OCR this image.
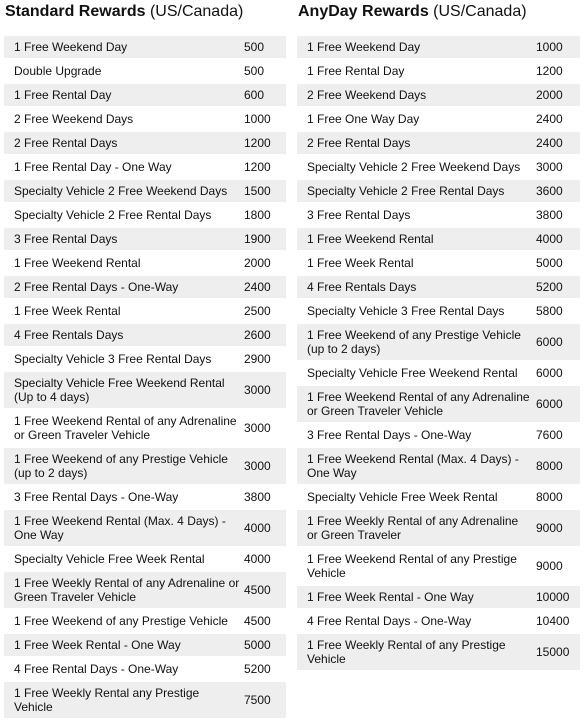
Standard Rewards (US/Canada)
1 Free Weekend Day	500
Double Upgrade	500
1 Free Rental Day	600
2 Free Weekend Days	1000
2 Free Rental Days	1200
1 Free Rental Day - One Way	1200
Specialty Vehicle 2 Free Weekend Days	1500
Specialty Vehicle 2 Free Rental Days	1800
3 Free Rental Days	1900
1 Free Weekend Rental	2000
2 Free Rental Days - One-Way	2400
1 Free Week Rental	2500
4 Free Rentals Days	2600
Specialty Vehicle 3 Free Rental Days	2900
Specialty Vehicle Free Weekend Rental (Up to 4 days)	3000
1 Free Weekend Rental of any Adrenaline or Green Traveler Vehicle	3000
1 Free Weekend of any Prestige Vehicle (up to 2 days)	3000
3 Free Rental Days - One-Way	3800
1 Free Weekend Rental (Max. 4 Days) - One Way	4000
Specialty Vehicle Free Week Rental	4000
1 Free Weekly Rental of any Adrenaline or Green Traveler Vehicle	4500
1 Free Weekend of any Prestige Vehicle	4500
1 Free Week Rental - One Way	5000
4 Free Rental Days - One-Way	5200
1 Free Weekly Rental any Prestige Vehicle	7500
AnyDay Rewards (US/Canada)
1 Free Weekend Day	1000
1 Free Rental Day	1200
2 Free Weekend Days	2000
1 Free One Way Day	2400
2 Free Rental Days	2400
Specialty Vehicle 2 Free Weekend Days	3000
Specialty Vehicle 2 Free Rental Days	3600
3 Free Rental Days	3800
1 Free Weekend Rental	4000
1 Free Week Rental	5000
4 Free Rentals Days	5200
Specialty Vehicle 3 Free Rental Days	5800
1 Free Weekend of any Prestige Vehicle (up to 2 days)	6000
Specialty Vehicle Free Weekend Rental	6000
1 Free Weekend Rental of any Adrenaline or Green Traveler Vehicle	6000
3 Free Rental Days - One-Way	7600
1 Free Weekend Rental (Max. 4 Days) - One Way	8000
Specialty Vehicle Free Week Rental	8000
1 Free Weekly Rental of any Adrenaline or Green Traveler	9000
1 Free Weekend Rental of any Prestige Vehicle	9000
1 Free Week Rental - One Way	10000
4 Free Rental Days - One-Way	10400
1 Free Weekly Rental of any Prestige Vehicle	15000
